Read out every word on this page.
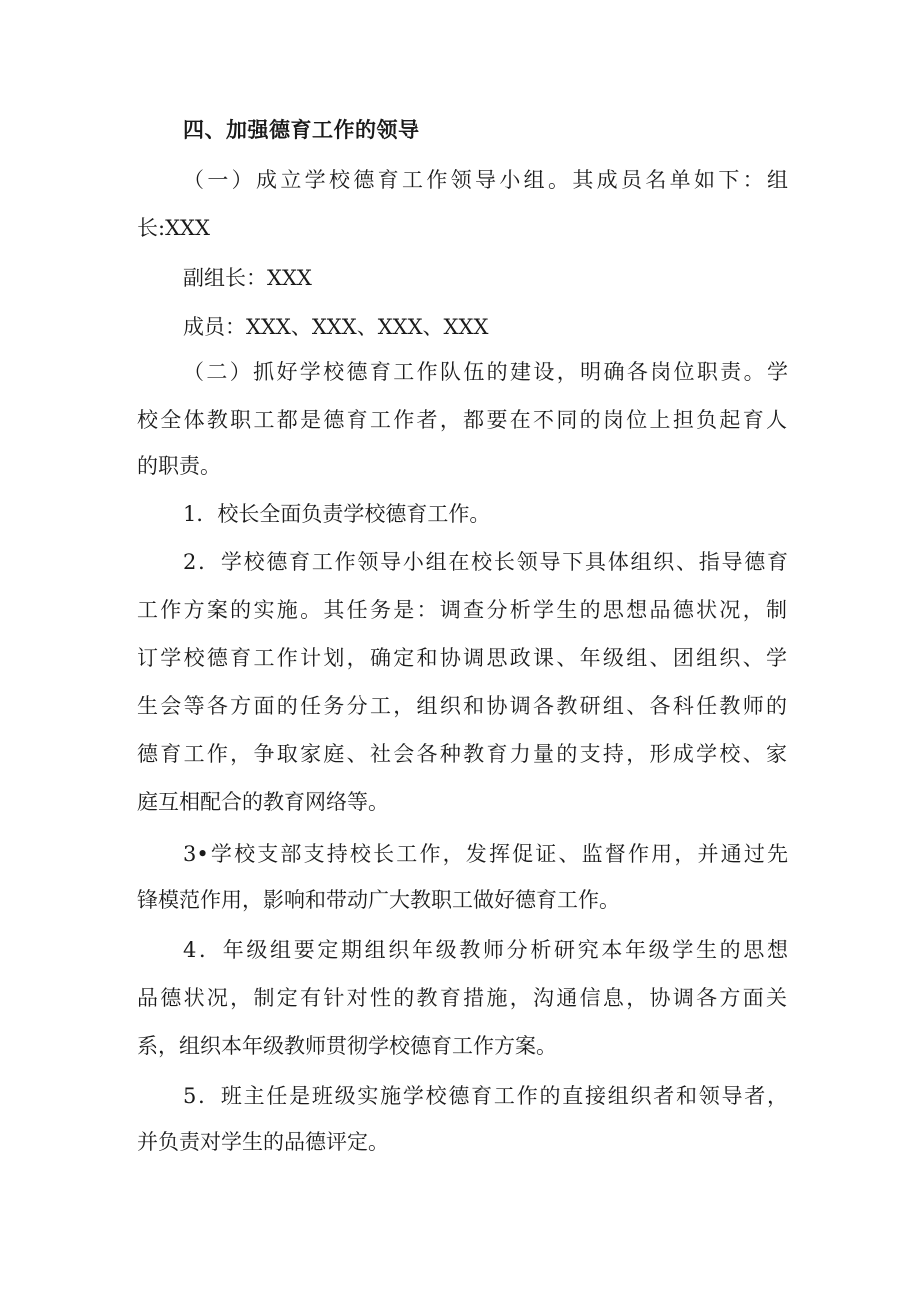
四、加强德育工作的领导

（一）成立学校德育工作领导小组。其成员名单如下：组

长:XXX

副组长：XXX

成员：XXX、XXX、XXX、XXX

（二）抓好学校德育工作队伍的建设，明确各岗位职责。学

校全体教职工都是德育工作者，都要在不同的岗位上担负起育人

的职责。

1．校长全面负责学校德育工作。

2．学校德育工作领导小组在校长领导下具体组织、指导德育

工作方案的实施。其任务是：调查分析学生的思想品德状况，制

订学校德育工作计划，确定和协调思政课、年级组、团组织、学

生会等各方面的任务分工，组织和协调各教研组、各科任教师的

德育工作，争取家庭、社会各种教育力量的支持，形成学校、家

庭互相配合的教育网络等。

3•学校支部支持校长工作，发挥促证、监督作用，并通过先

锋模范作用，影响和带动广大教职工做好德育工作。

4．年级组要定期组织年级教师分析研究本年级学生的思想

品德状况，制定有针对性的教育措施，沟通信息，协调各方面关

系，组织本年级教师贯彻学校德育工作方案。

5．班主任是班级实施学校德育工作的直接组织者和领导者，

并负责对学生的品德评定。
